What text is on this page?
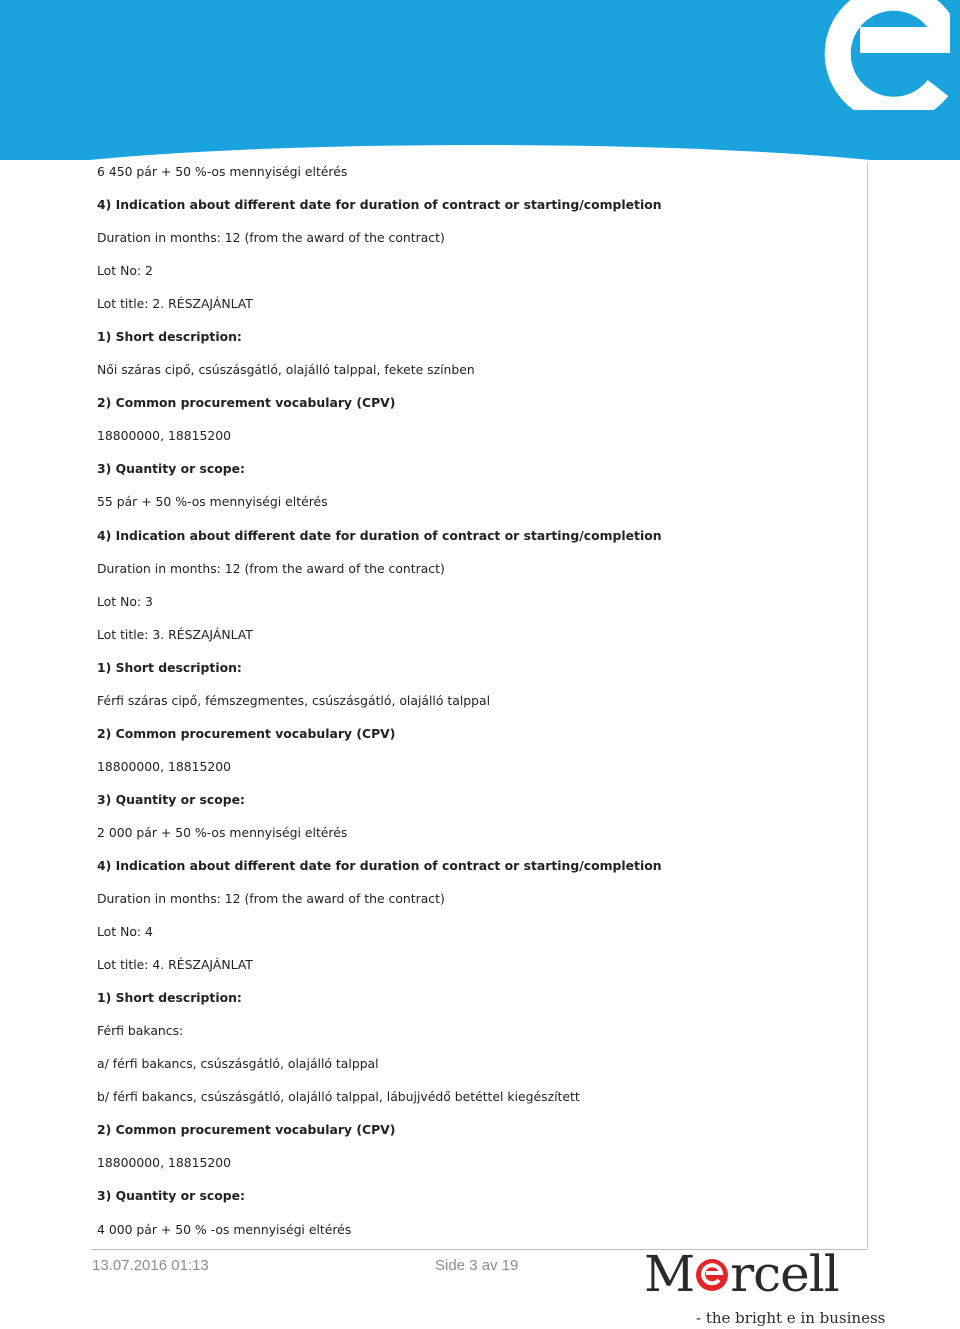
6 450 pár + 50 %-os mennyiségi eltérés
4) Indication about different date for duration of contract or starting/completion
Duration in months: 12 (from the award of the contract)
Lot No: 2
Lot title: 2. RÉSZAJÁNLAT
1) Short description:
Női száras cipő, csúszásgátló, olajálló talppal, fekete színben
2) Common procurement vocabulary (CPV)
18800000, 18815200
3) Quantity or scope:
55 pár + 50 %-os mennyiségi eltérés
4) Indication about different date for duration of contract or starting/completion
Duration in months: 12 (from the award of the contract)
Lot No: 3
Lot title: 3. RÉSZAJÁNLAT
1) Short description:
Férfi száras cipő, fémszegmentes, csúszásgátló, olajálló talppal
2) Common procurement vocabulary (CPV)
18800000, 18815200
3) Quantity or scope:
2 000 pár + 50 %-os mennyiségi eltérés
4) Indication about different date for duration of contract or starting/completion
Duration in months: 12 (from the award of the contract)
Lot No: 4
Lot title: 4. RÉSZAJÁNLAT
1) Short description:
Férfi bakancs:
a/ férfi bakancs, csúszásgátló, olajálló talppal
b/ férfi bakancs, csúszásgátló, olajálló talppal, lábujjvédő betéttel kiegészített
2) Common procurement vocabulary (CPV)
18800000, 18815200
3) Quantity or scope:
4 000 pár + 50 % -os mennyiségi eltérés
13.07.2016 01:13	Side 3 av 19	M rcell
- the bright e in business
